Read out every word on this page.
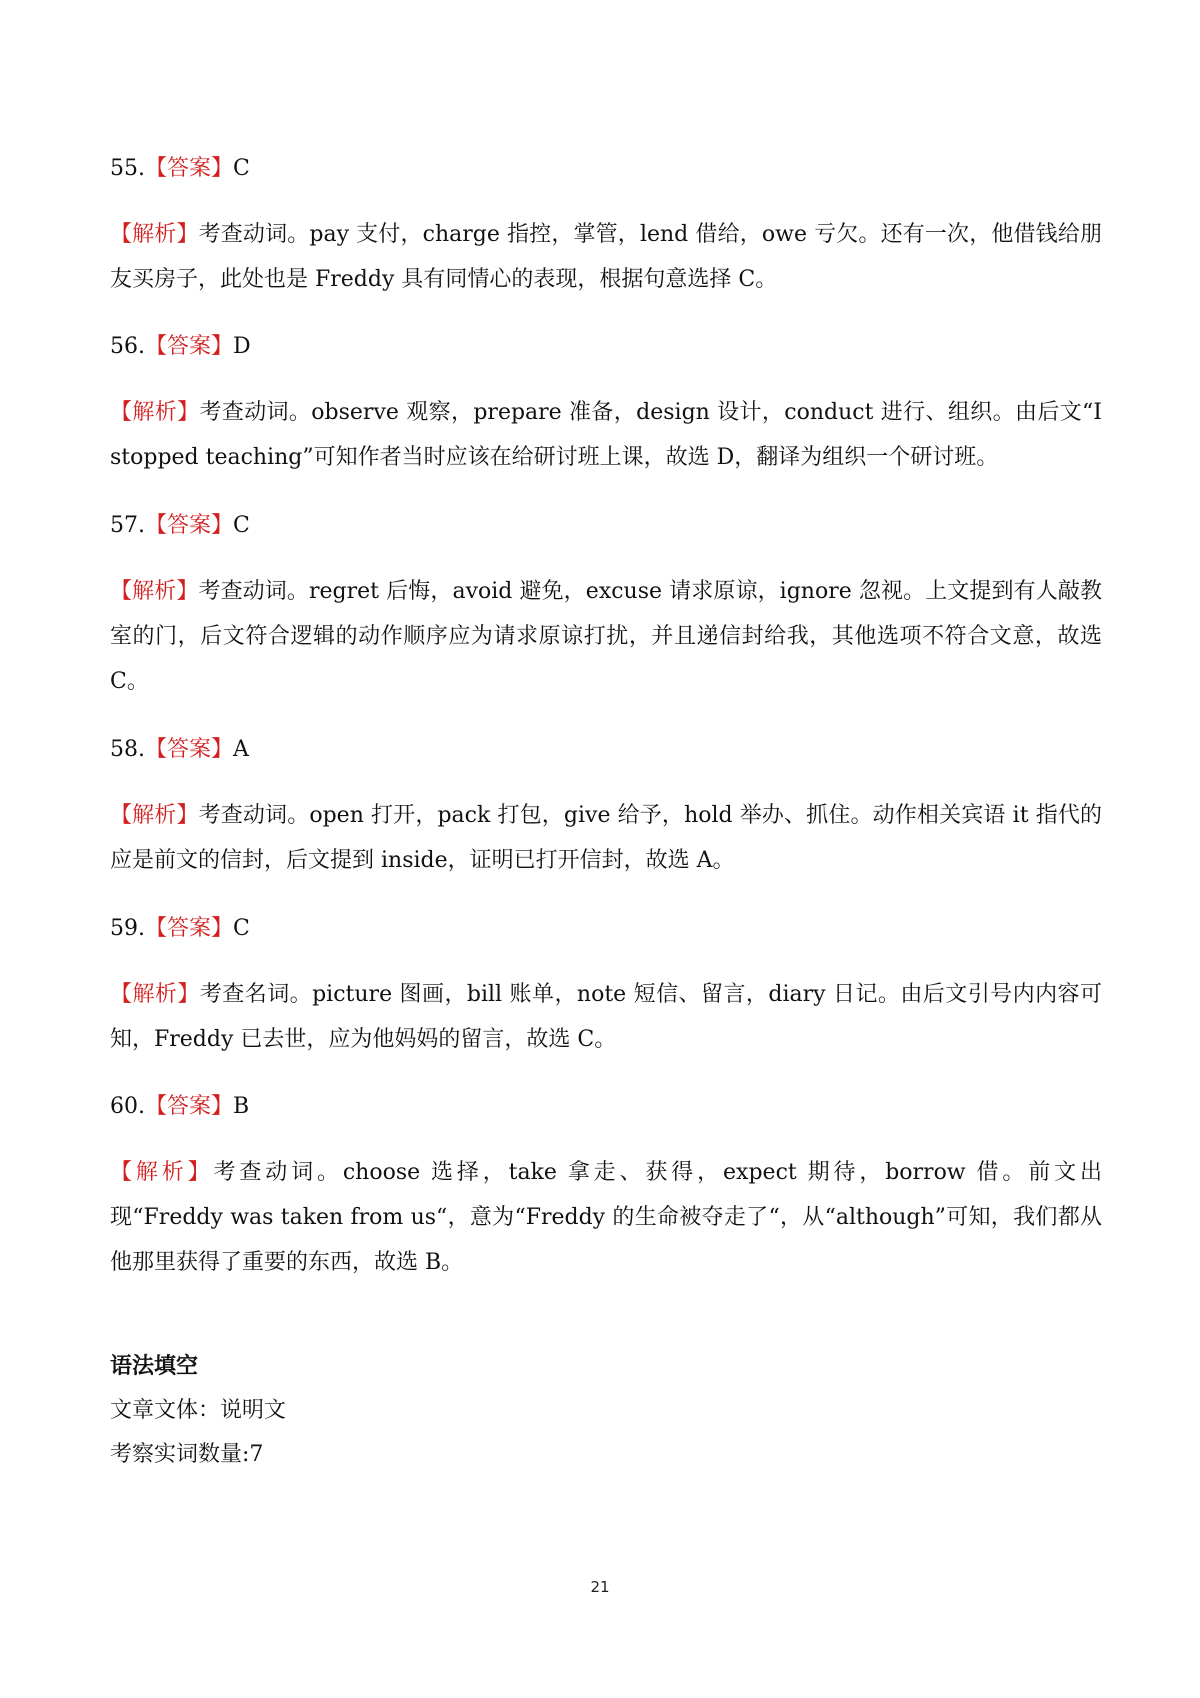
55.【答案】C

【解析】考查动词。pay 支付，charge 指控，掌管，lend 借给，owe 亏欠。还有一次，他借钱给朋友买房子，此处也是 Freddy 具有同情心的表现，根据句意选择 C。

56.【答案】D

【解析】考查动词。observe 观察，prepare 准备，design 设计，conduct 进行、组织。由后文“I stopped teaching”可知作者当时应该在给研讨班上课，故选 D，翻译为组织一个研讨班。

57.【答案】C

【解析】考查动词。regret 后悔，avoid 避免，excuse 请求原谅，ignore 忽视。上文提到有人敲教室的门，后文符合逻辑的动作顺序应为请求原谅打扰，并且递信封给我，其他选项不符合文意，故选 C。

58.【答案】A

【解析】考查动词。open 打开，pack 打包，give 给予，hold 举办、抓住。动作相关宾语 it 指代的应是前文的信封，后文提到 inside，证明已打开信封，故选 A。

59.【答案】C

【解析】考查名词。picture 图画，bill 账单，note 短信、留言，diary 日记。由后文引号内内容可知，Freddy 已去世，应为他妈妈的留言，故选 C。

60.【答案】B

【解析】考查动词。choose 选择，take 拿走、获得，expect 期待，borrow 借。前文出现“Freddy was taken from us“，意为“Freddy 的生命被夺走了“，从“although”可知，我们都从他那里获得了重要的东西，故选 B。

语法填空

文章文体：说明文

考察实词数量:7

21
